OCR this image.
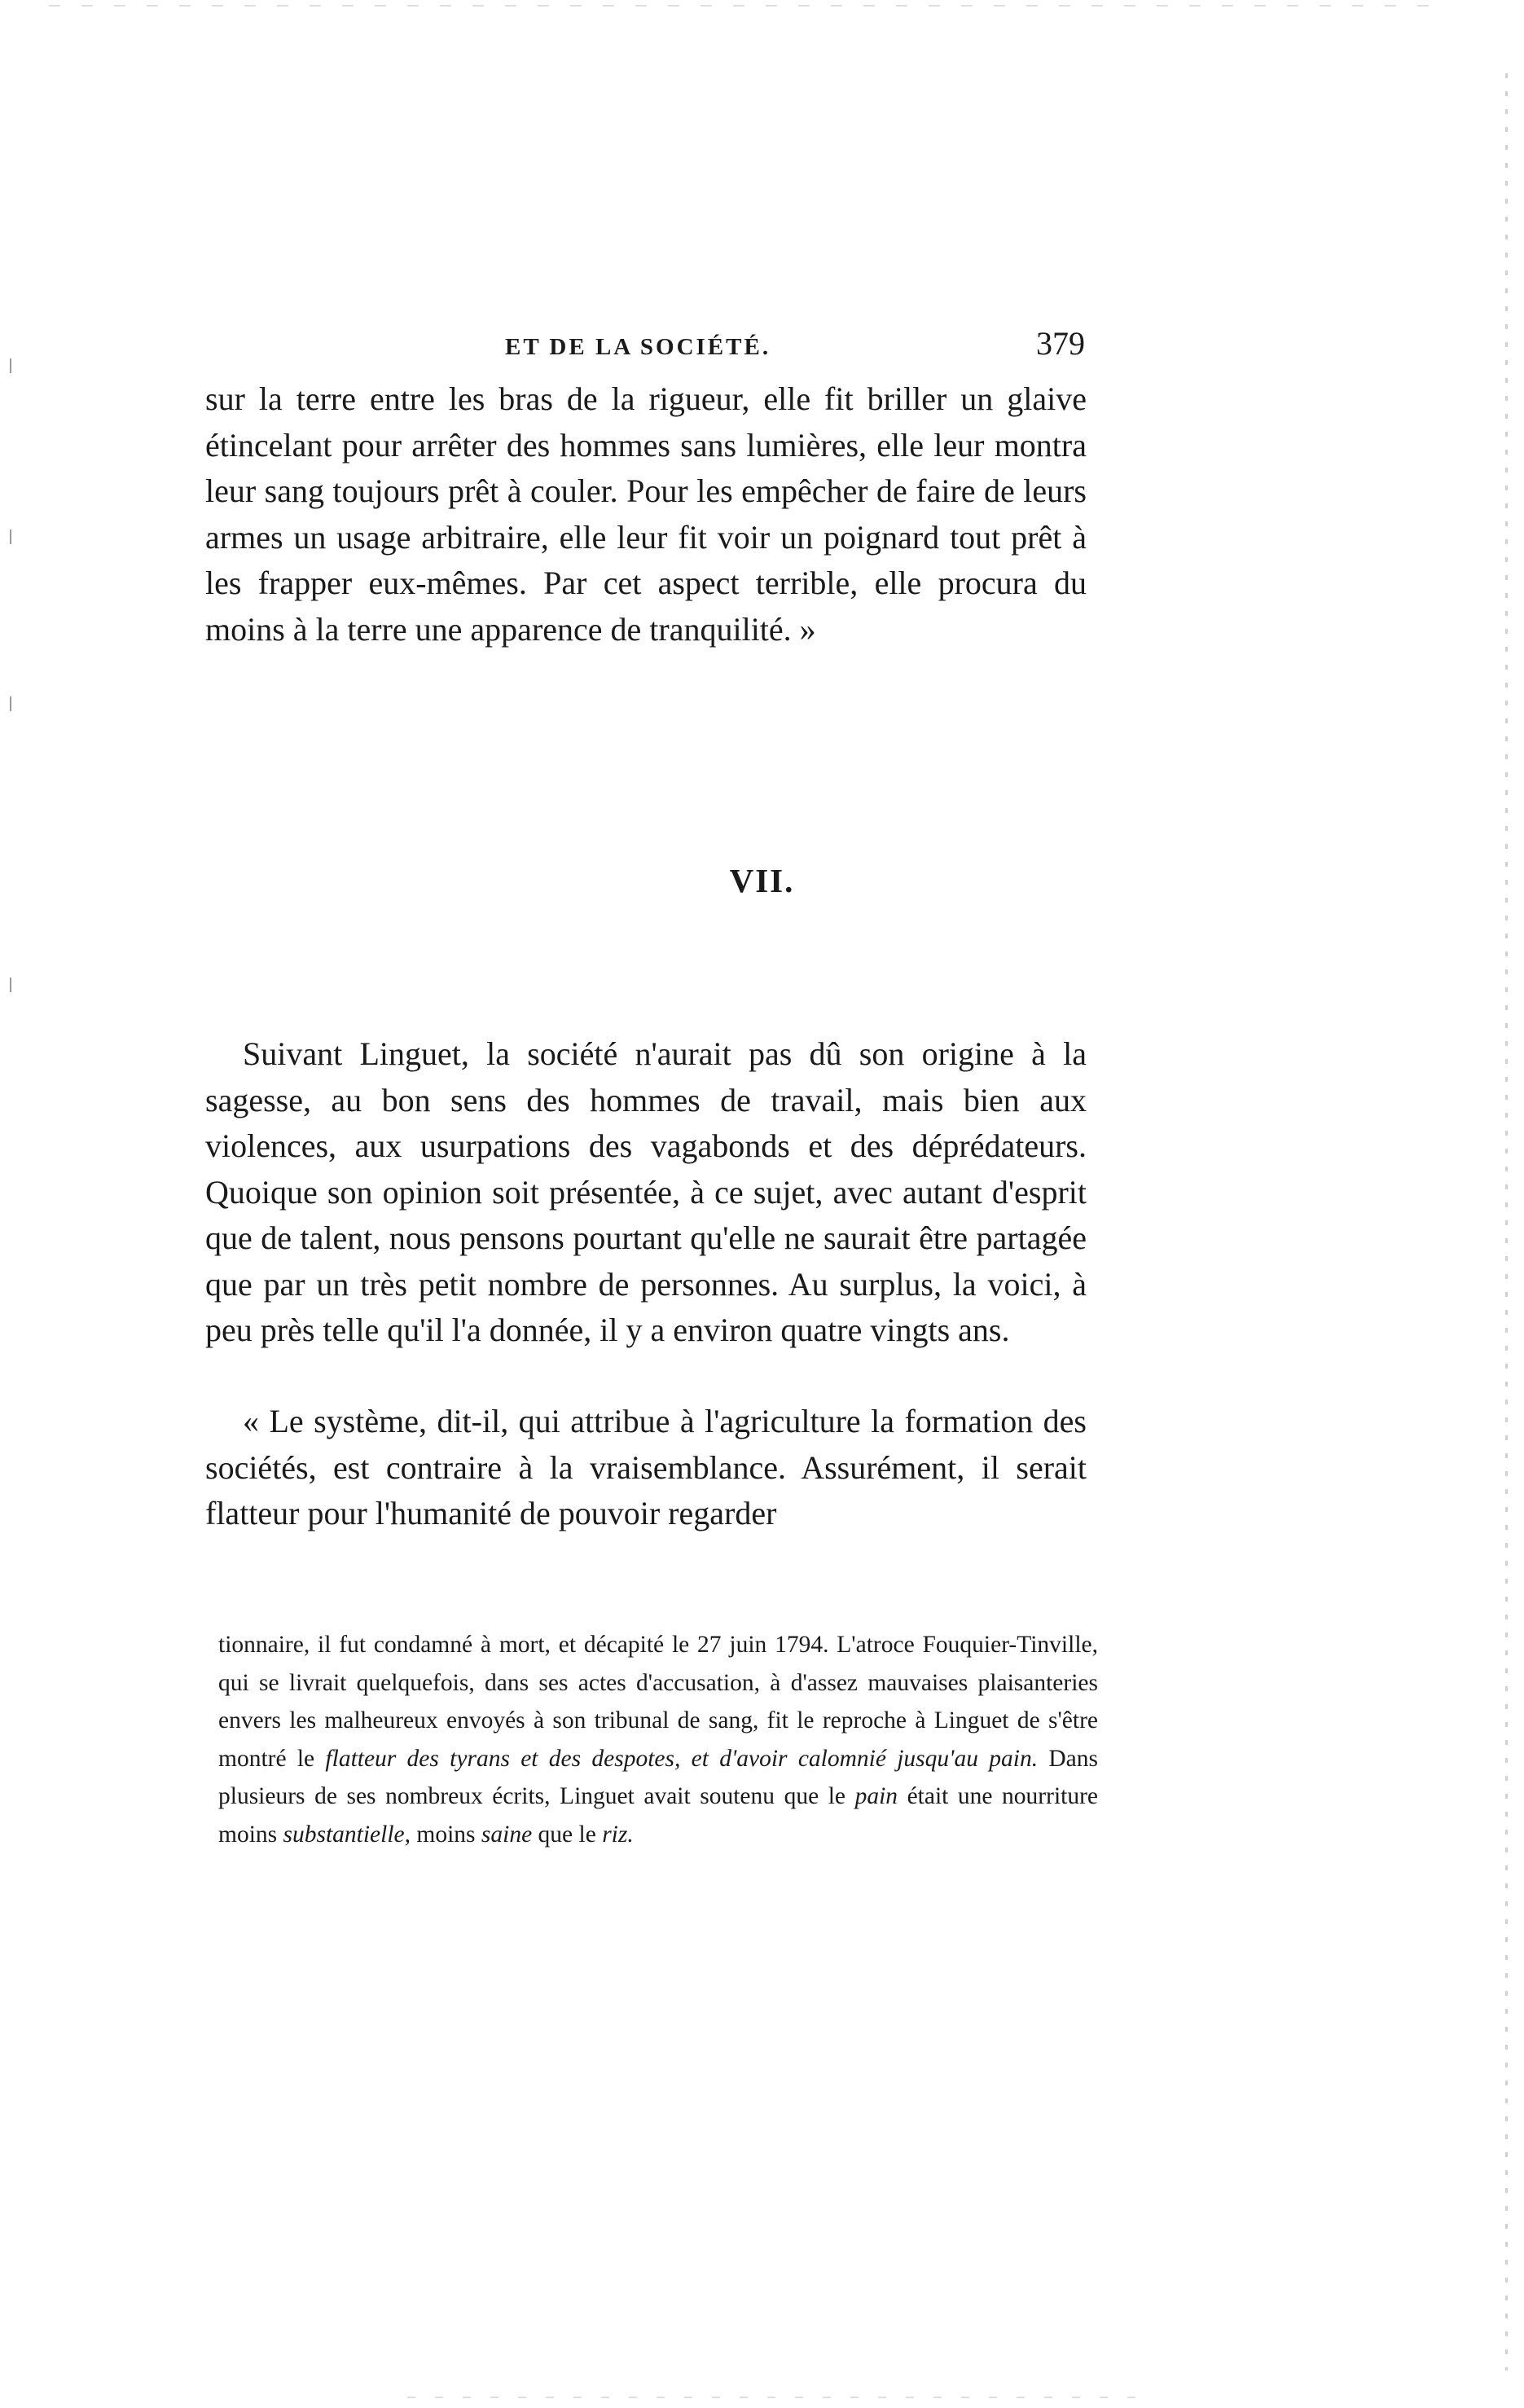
ET DE LA SOCIÉTÉ.	379

sur la terre entre les bras de la rigueur, elle fit briller un glaive étincelant pour arrêter des hommes sans lumières, elle leur montra leur sang toujours prêt à couler. Pour les empêcher de faire de leurs armes un usage arbitraire, elle leur fit voir un poignard tout prêt à les frapper eux-mêmes. Par cet aspect terrible, elle procura du moins à la terre une apparence de tranquilité. »

VII.

Suivant Linguet, la société n'aurait pas dû son origine à la sagesse, au bon sens des hommes de travail, mais bien aux violences, aux usurpations des vagabonds et des déprédateurs. Quoique son opinion soit présentée, à ce sujet, avec autant d'esprit que de talent, nous pensons pourtant qu'elle ne saurait être partagée que par un très petit nombre de personnes. Au surplus, la voici, à peu près telle qu'il l'a donnée, il y a environ quatre vingts ans.

« Le système, dit-il, qui attribue à l'agriculture la formation des sociétés, est contraire à la vraisemblance. Assurément, il serait flatteur pour l'humanité de pouvoir regarder

tionnaire, il fut condamné à mort, et décapité le 27 juin 1794. L'atroce Fouquier-Tinville, qui se livrait quelquefois, dans ses actes d'accusation, à d'assez mauvaises plaisanteries envers les malheureux envoyés à son tribunal de sang, fit le reproche à Linguet de s'être montré le flatteur des tyrans et des despotes, et d'avoir calomnié jusqu'au pain. Dans plusieurs de ses nombreux écrits, Linguet avait soutenu que le pain était une nourriture moins substantielle, moins saine que le riz.
